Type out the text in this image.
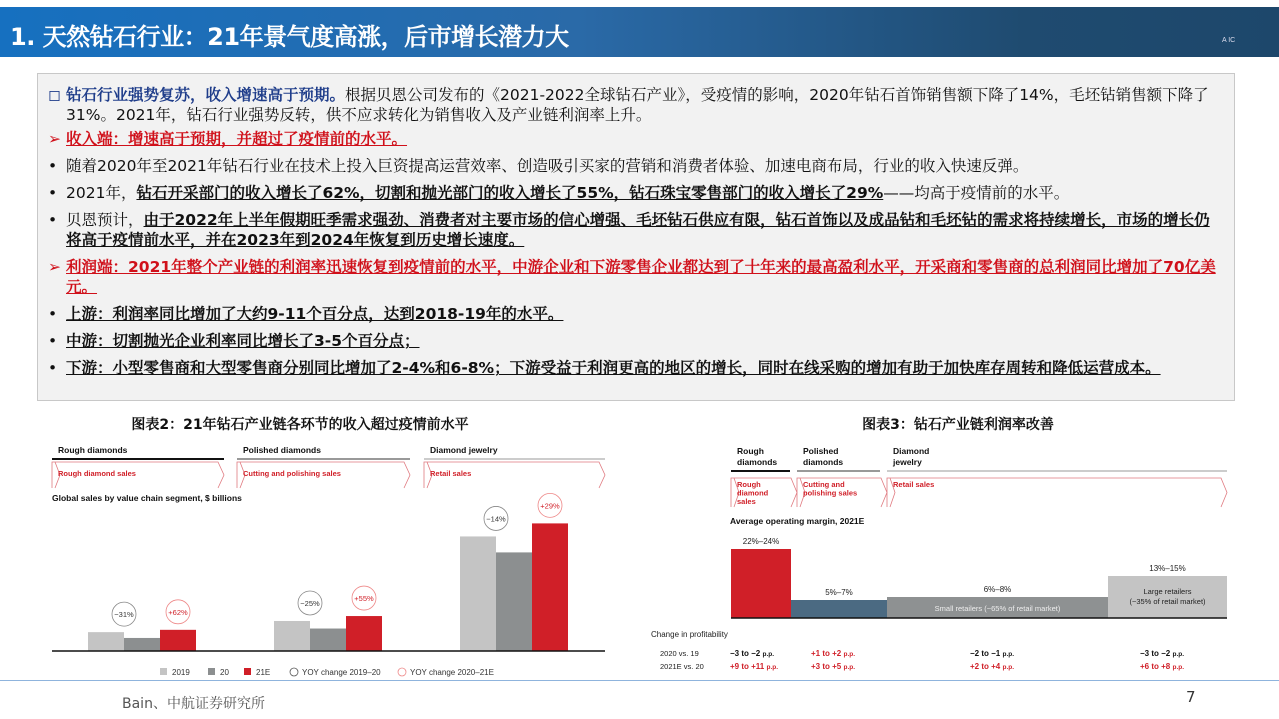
1. 天然钻石行业：21年景气度高涨，后市增长潜力大	A IC
◻ 钻石行业强势复苏，收入增速高于预期。根据贝恩公司发布的《2021-2022全球钻石产业》，受疫情的影响，2020年钻石首饰销售额下降了14%，毛坯钻销售额下降了31%。2021年，钻石行业强势反转，供不应求转化为销售收入及产业链利润率上升。
➢ 收入端：增速高于预期，并超过了疫情前的水平。
• 随着2020年至2021年钻石行业在技术上投入巨资提高运营效率、创造吸引买家的营销和消费者体验、加速电商布局，行业的收入快速反弹。
• 2021年，钻石开采部门的收入增长了62%，切割和抛光部门的收入增长了55%，钻石珠宝零售部门的收入增长了29%——均高于疫情前的水平。
• 贝恩预计，由于2022年上半年假期旺季需求强劲、消费者对主要市场的信心增强、毛坯钻石供应有限，钻石首饰以及成品钻和毛坯钻的需求将持续增长，市场的增长仍将高于疫情前水平，并在2023年到2024年恢复到历史增长速度。
➢ 利润端：2021年整个产业链的利润率迅速恢复到疫情前的水平，中游企业和下游零售企业都达到了十年来的最高盈利水平，开采商和零售商的总利润同比增加了70亿美元。
• 上游：利润率同比增加了大约9-11个百分点，达到2018-19年的水平。
• 中游：切割抛光企业利率同比增长了3-5个百分点；
• 下游：小型零售商和大型零售商分别同比增加了2-4%和6-8%；下游受益于利润更高的地区的增长，同时在线采购的增加有助于加快库存周转和降低运营成本。
图表2：21年钻石产业链各环节的收入超过疫情前水平
Rough diamonds
Rough diamond sales
Polished diamonds
Cutting and polishing sales
Diamond jewelry
Retail sales
Global sales by value chain segment, $ billions
−31%	+62%
−25%
+55%
−14%
+29%
2019	20	21E	YOY change 2019–20	YOY change 2020–21E
图表3：钻石产业链利润率改善
Rough
diamonds
Polished
diamonds
Diamond
jewelry
Rough
diamond
sales
Cutting and
polishing sales
Retail sales
Average operating margin, 2021E
22%–24%
5%–7%	6%–8%
Small retailers (~65% of retail market)
13%–15%
Large retailers
(~35% of retail market)
Change in profitability
2020 vs. 19	−3 to −2 p.p.	+1 to +2 p.p.	−2 to −1 p.p.	−3 to −2 p.p.
2021E vs. 20	+9 to +11 p.p.	+3 to +5 p.p.	+2 to +4 p.p.	+6 to +8 p.p.
Bain、中航证券研究所	7
